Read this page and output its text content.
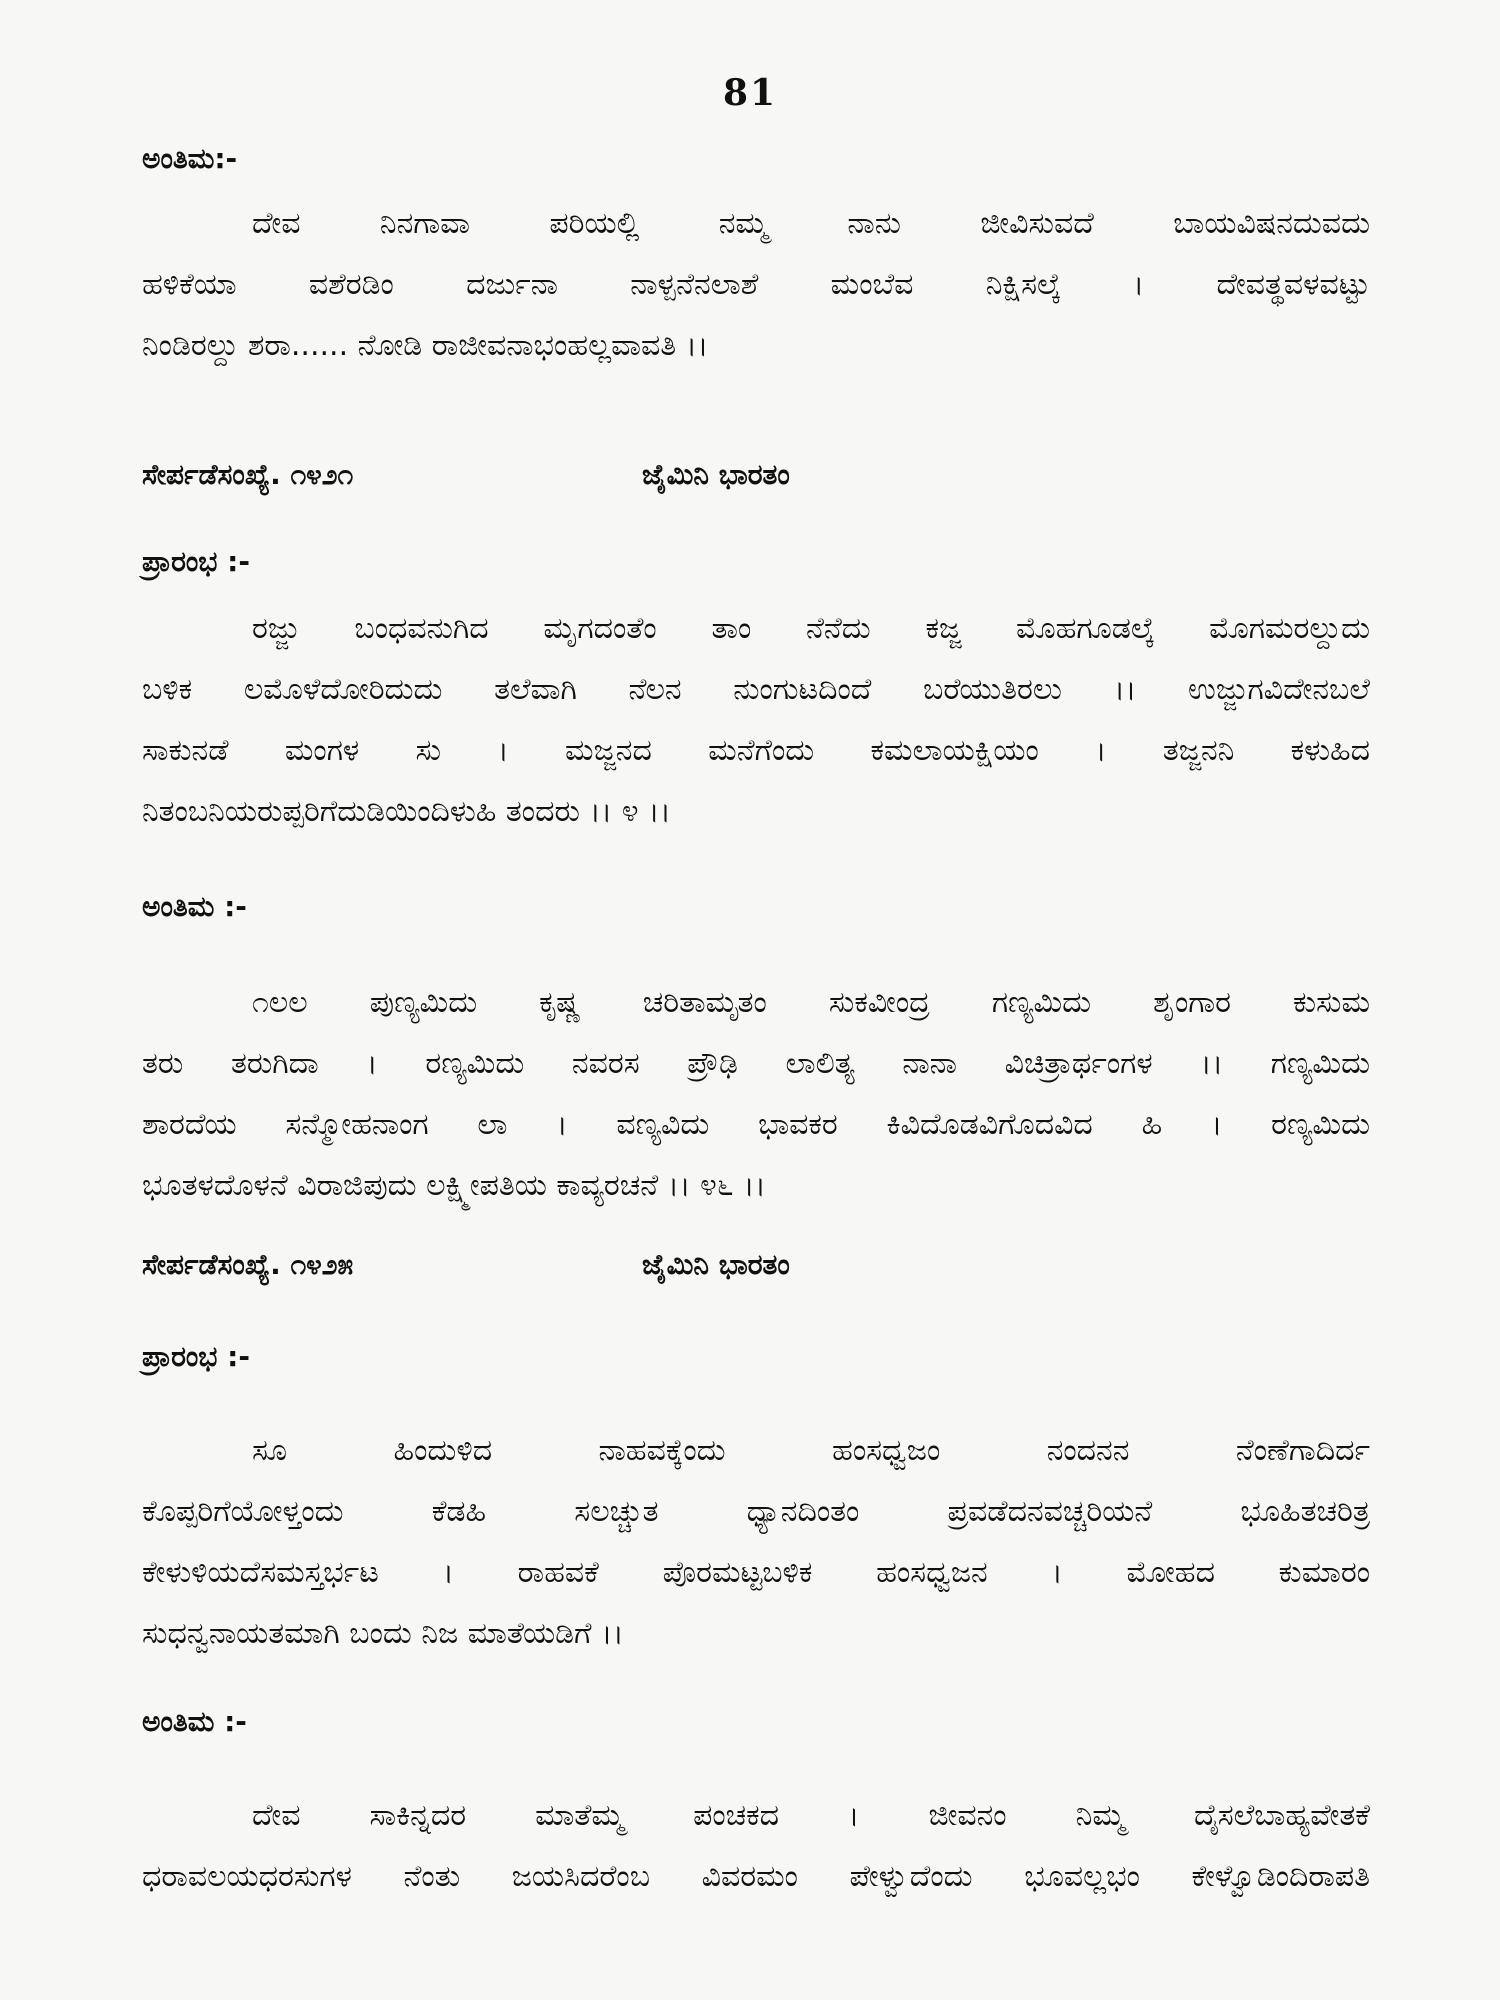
81
ಅಂತಿಮ:-
ದೇವ ನಿನಗಾವಾ ಪರಿಯಲ್ಲಿ ನಮ್ಮ ನಾನು ಜೀವಿಸುವದೆ ಬಾಯವಿಷನದುವದು
ಹಳಿಕೆಯಾ ವಶೆರಡಿಂ ದರ್ಜುನಾ ನಾಳ್ಪನೆನಲಾಶೆ ಮಂಬೆವ ನಿಕ್ಷಿಸಲ್ಕೆ । ದೇವತ್ಥವಳವಟ್ಟು
ನಿಂಡಿರಲ್ದು ಶರಾ...... ನೋಡಿ ರಾಜೀವನಾಭಂಹಲ್ಲವಾವತಿ ।।
ಸೇರ್ಪಡೆಸಂಖ್ಯೆ. ೧೪೨೧	ಜೈಮಿನಿ ಭಾರತಂ
ಪ್ರಾರಂಭ :-
ರಜ್ಜು ಬಂಧವನುಗಿದ ಮೃಗದಂತೆಂ ತಾಂ ನೆನೆದು ಕಜ್ಜ ಮೊಹಗೂಡಲ್ಕೆ ಮೊಗಮರಲ್ದುದು
ಬಳಿಕ ಲಮೊಳೆದೋರಿದುದು ತಲೆವಾಗಿ ನೆಲನ ನುಂಗುಟದಿಂದೆ ಬರೆಯುತಿರಲು ।। ಉಜ್ಜುಗವಿದೇನಬಲೆ
ಸಾಕುನಡೆ ಮಂಗಳ ಸು । ಮಜ್ಜನದ ಮನೆಗೆಂದು ಕಮಲಾಯಕ್ಷಿಯಂ । ತಜ್ಜನನಿ ಕಳುಹಿದ
ನಿತಂಬನಿಯರುಪ್ಪರಿಗೆದುಡಿಯಿಂದಿಳುಹಿ ತಂದರು ।। ೪ ।।
ಅಂತಿಮ :-
೧ಲಲ ಪುಣ್ಯಮಿದು ಕೃಷ್ಣ ಚರಿತಾಮೃತಂ ಸುಕವೀಂದ್ರ ಗಣ್ಯಮಿದು ಶೃಂಗಾರ ಕುಸುಮ
ತರು ತರುಗಿದಾ । ರಣ್ಯಮಿದು ನವರಸ ಪ್ರೌಢಿ ಲಾಲಿತ್ಯ ನಾನಾ ವಿಚಿತ್ರಾರ್ಥಂಗಳ ।। ಗಣ್ಯಮಿದು
ಶಾರದೆಯ ಸನ್ಮೋಹನಾಂಗ ಲಾ । ವಣ್ಯವಿದು ಭಾವಕರ ಕಿವಿದೊಡವಿಗೊದವಿದ ಹಿ । ರಣ್ಯಮಿದು
ಭೂತಳದೊಳನೆ ವಿರಾಜಿಪುದು ಲಕ್ಷ್ಮೀಪತಿಯ ಕಾವ್ಯರಚನೆ ।। ೪೬ ।।
ಸೇರ್ಪಡೆಸಂಖ್ಯೆ. ೧೪೨೫	ಜೈಮಿನಿ ಭಾರತಂ
ಪ್ರಾರಂಭ :-
ಸೂ ಹಿಂದುಳಿದ ನಾಹವಕ್ಕೆಂದು ಹಂಸಧ್ವಜಂ ನಂದನನ ನೆಂಣೆಗಾದಿರ್ದ
ಕೊಪ್ಪರಿಗೆಯೋಳ್ತಂದು ಕೆಡಹಿ ಸಲಚ್ಚುತ ಧ್ಯಾನದಿಂತಂ ಪ್ರವಡೆದನವಚ್ಚರಿಯನೆ ಭೂಹಿತಚರಿತ್ರ
ಕೇಳುಳಿಯದೆಸಮಸ್ತರ್ಭಟ । ರಾಹವಕೆ ಪೊರಮಟ್ಟಬಳಿಕ ಹಂಸಧ್ವಜನ । ಮೋಹದ ಕುಮಾರಂ
ಸುಧನ್ವನಾಯತಮಾಗಿ ಬಂದು ನಿಜ ಮಾತೆಯಡಿಗೆ ।।
ಅಂತಿಮ :-
ದೇವ ಸಾಕಿನ್ನದರ ಮಾತೆಮ್ಮ ಪಂಚಕದ । ಜೀವನಂ ನಿಮ್ಮ ದೈಸಲೆಬಾಹ್ಯವೇತಕೆ
ಧರಾವಲಯಧರಸುಗಳ ನೆಂತು ಜಯಸಿದರೆಂಬ ವಿವರಮಂ ಪೇಳ್ವುದೆಂದು ಭೂವಲ್ಲಭಂ ಕೇಳ್ವೊಡಿಂದಿರಾಪತಿ
